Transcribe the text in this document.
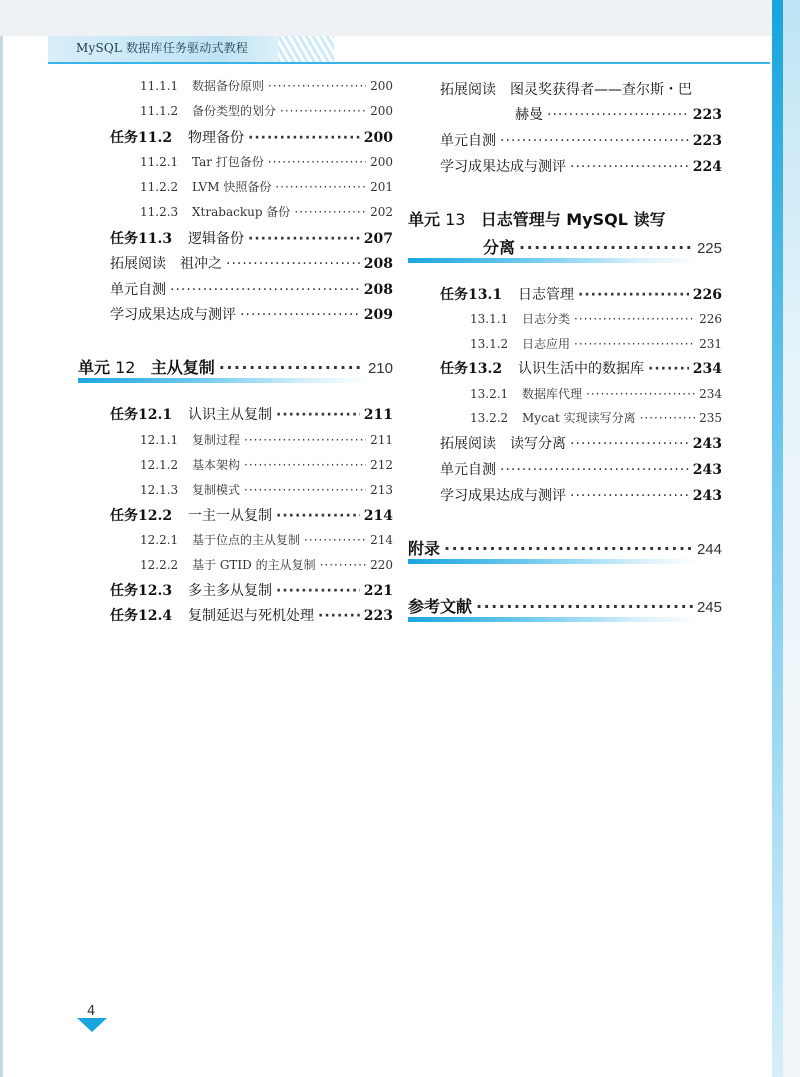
MySQL 数据库任务驱动式教程
11.1.1 数据备份原则 ·····	200
11.1.2 备份类型的划分 ·····	200
任务11.2 物理备份 ·····	200
11.2.1 Tar 打包备份 ·····	200
11.2.2 LVM 快照备份 ·····	201
11.2.3 Xtrabackup 备份 ·····	202
任务11.3 逻辑备份 ·····	207
拓展阅读　祖冲之 ·····	208
单元自测 ·····	208
学习成果达成与测评 ·····	209
单元 12 主从复制 ·····	210
任务12.1 认识主从复制 ·····	211
12.1.1 复制过程 ·····	211
12.1.2 基本架构 ·····	212
12.1.3 复制模式 ·····	213
任务12.2 一主一从复制 ·····	214
12.2.1 基于位点的主从复制 ·····	214
12.2.2 基于 GTID 的主从复制 ·····	220
任务12.3 多主多从复制 ·····	221
任务12.4 复制延迟与死机处理 ·····	223
拓展阅读　图灵奖获得者——查尔斯・巴
赫曼 ·····	223
单元自测 ·····	223
学习成果达成与测评 ·····	224
单元 13 日志管理与 MySQL 读写
分离 ·····	225
任务13.1 日志管理 ·····	226
13.1.1 日志分类 ·····	226
13.1.2 日志应用 ·····	231
任务13.2 认识生活中的数据库 ·····	234
13.2.1 数据库代理 ·····	234
13.2.2 Mycat 实现读写分离 ·····	235
拓展阅读　读写分离 ·····	243
单元自测 ·····	243
学习成果达成与测评 ·····	243
附录 ·····	244
参考文献 ·····	245
4
